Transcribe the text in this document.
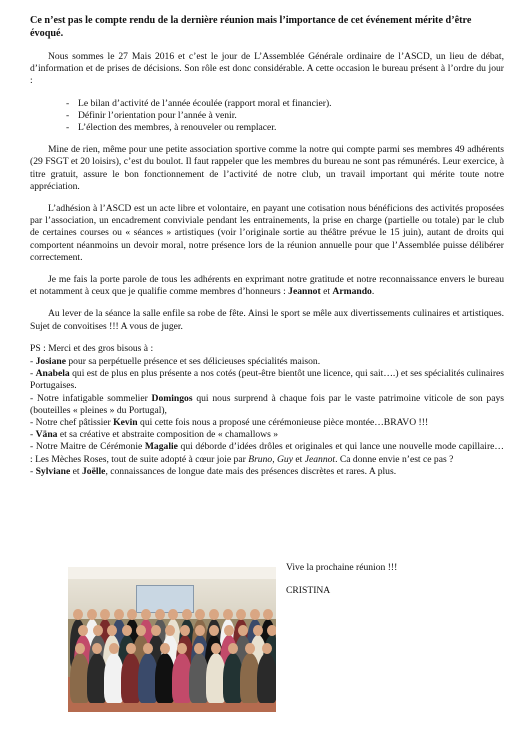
Ce n’est pas le compte rendu de la dernière réunion mais l’importance de cet événement mérite d’être évoqué.

Nous sommes le 27 Mais 2016 et c’est le jour de L’Assemblée Générale ordinaire de l’ASCD, un lieu de débat, d’information et de prises de décisions. Son rôle est donc considérable. A cette occasion le bureau présent à l’ordre du jour :

- Le bilan d’activité de l’année écoulée (rapport moral et financier).
- Définir l’orientation pour l’année à venir.
- L’élection des membres, à renouveler ou remplacer.

Mine de rien, même pour une petite association sportive comme la notre qui compte parmi ses membres 49 adhérents (29 FSGT et 20 loisirs), c’est du boulot. Il faut rappeler que les membres du bureau ne sont pas rémunérés. Leur exercice, à titre gratuit, assure le bon fonctionnement de l’activité de notre club, un travail important qui mérite toute notre appréciation.

L’adhésion à l’ASCD est un acte libre et volontaire, en payant une cotisation nous bénéficions des activités proposées par l’association, un encadrement conviviale pendant les entrainements, la prise en charge (partielle ou totale) par le club de certaines courses ou « séances » artistiques (voir l’originale sortie au théâtre prévue le 15 juin), autant de droits qui comportent néanmoins un devoir moral, notre présence lors de la réunion annuelle pour que l’Assemblée puisse délibérer correctement.

Je me fais la porte parole de tous les adhérents en exprimant notre gratitude et notre reconnaissance envers le bureau et notamment à ceux que je qualifie comme membres d’honneurs : Jeannot et Armando.

Au lever de la séance la salle enfile sa robe de fête. Ainsi le sport se mêle aux divertissements culinaires et artistiques. Sujet de convoitises !!! A vous de juger.

PS : Merci et des gros bisous à :

- Josiane pour sa perpétuelle présence et ses délicieuses spécialités maison.

- Anabela qui est de plus en plus présente a nos cotés (peut-être bientôt une licence, qui sait….) et ses spécialités culinaires Portugaises.

- Notre infatigable sommelier Domingos qui nous surprend à chaque fois par le vaste patrimoine viticole de son pays (bouteilles « pleines » du Portugal),

- Notre chef pâtissier Kevin qui cette fois nous a proposé une cérémonieuse pièce montée…BRAVO !!!

- Väna et sa créative et abstraite composition de « chamallows »

- Notre Maitre de Cérémonie Magalie qui déborde d’idées drôles et originales et qui lance une nouvelle mode capillaire… : Les Mèches Roses, tout de suite adopté à cœur joie par Bruno, Guy et Jeannot. Ca donne envie n’est ce pas ?

- Sylviane et Joëlle, connaissances de longue date mais des présences discrètes et rares. A plus.

Vive la prochaine réunion !!!

CRISTINA
